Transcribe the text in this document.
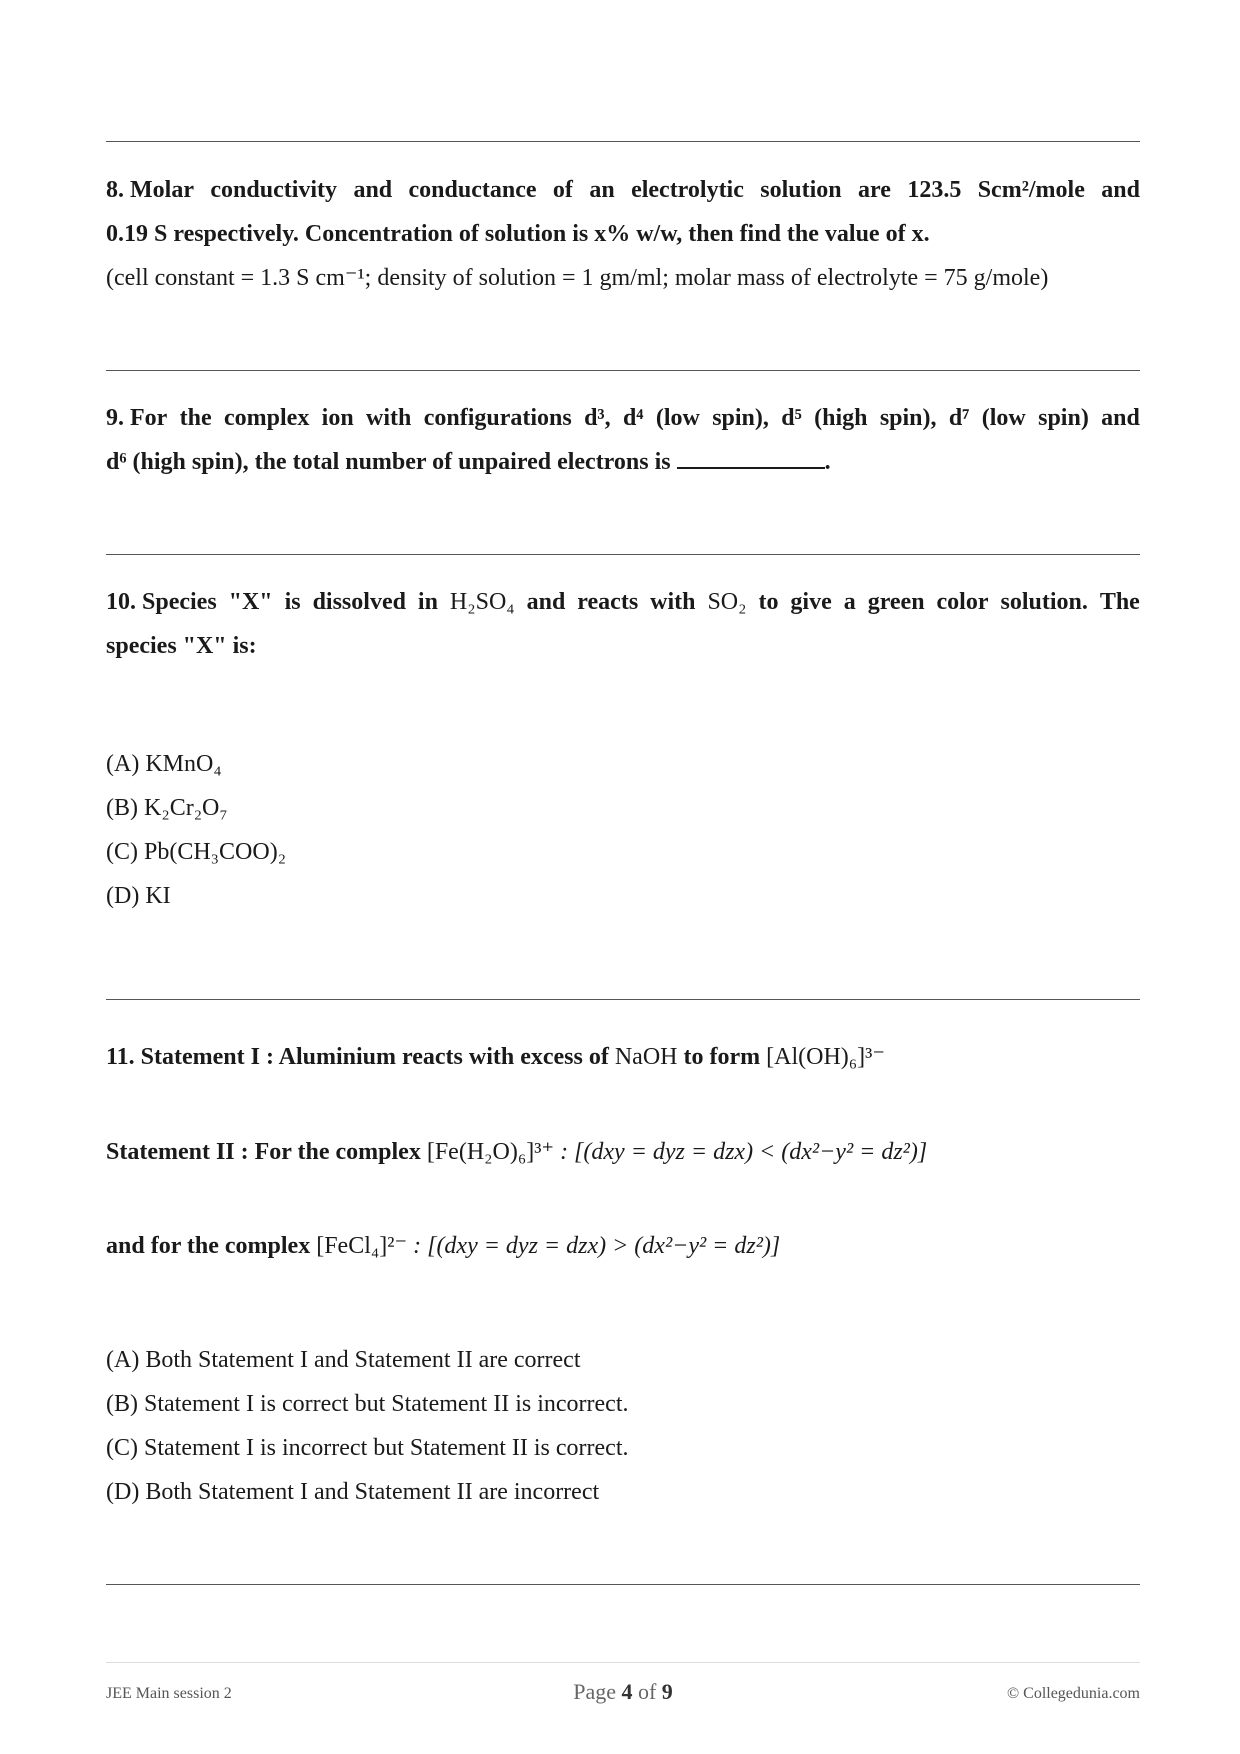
8. Molar conductivity and conductance of an electrolytic solution are 123.5 Scm²/mole and
0.19 S respectively. Concentration of solution is x% w/w, then find the value of x.
(cell constant = 1.3 S cm⁻¹; density of solution = 1 gm/ml; molar mass of electrolyte = 75 g/mole)
9. For the complex ion with configurations d³, d⁴ (low spin), d⁵ (high spin), d⁷ (low spin) and
d⁶ (high spin), the total number of unpaired electrons is	.
10. Species "X" is dissolved in H₂SO₄ and reacts with SO₂ to give a green color solution. The
species "X" is:
(A) KMnO₄
(B) K₂Cr₂O₇
(C) Pb(CH₃COO)₂
(D) KI
11. Statement I : Aluminium reacts with excess of NaOH to form [Al(OH)₆]³⁻
Statement II : For the complex [Fe(H₂O)₆]³⁺ : [(dxy = dyz = dzx) < (dx²−y² = dz²)]
and for the complex [FeCl₄]²⁻ : [(dxy = dyz = dzx) > (dx²−y² = dz²)]
(A) Both Statement I and Statement II are correct
(B) Statement I is correct but Statement II is incorrect.
(C) Statement I is incorrect but Statement II is correct.
(D) Both Statement I and Statement II are incorrect
JEE Main session 2	Page 4 of 9	© Collegedunia.com
